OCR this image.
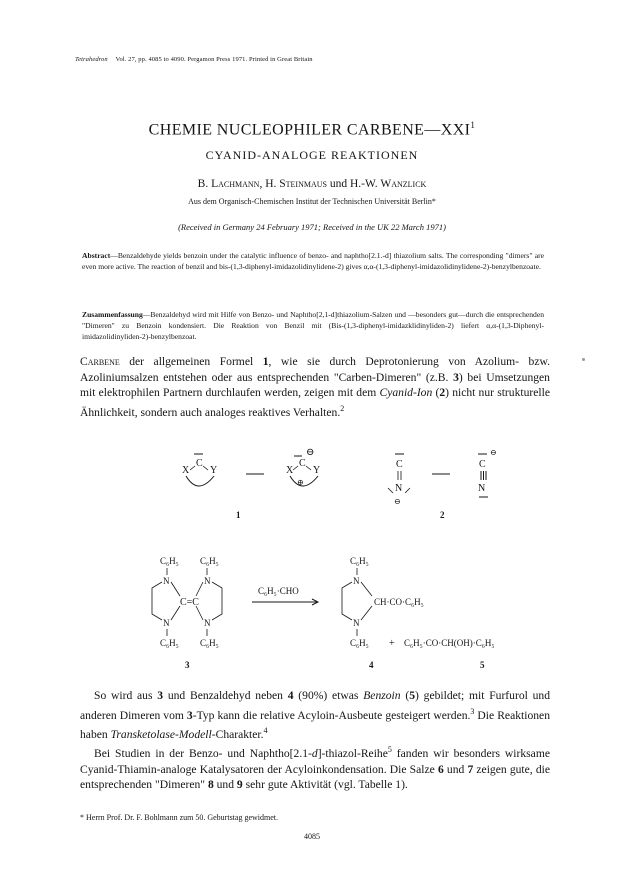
Tetrahedron Vol. 27, pp. 4085 to 4090. Pergamon Press 1971. Printed in Great Britain
CHEMIE NUCLEOPHILER CARBENE—XXI$^1$
CYANID-ANALOGE REAKTIONEN
B. Lachmann, H. Steinmaus und H.-W. Wanzlick
Aus dem Organisch-Chemischen Institut der Technischen Universität Berlin*
(Received in Germany 24 February 1971; Received in the UK 22 March 1971)
Abstract—Benzaldehyde yields benzoin under the catalytic influence of benzo- and naphtho[2.1.-d] thiazolium salts. The corresponding "dimers" are even more active. The reaction of benzil and bis-(1,3-diphenyl-imidazolidinylidene-2) gives α,α-(1,3-diphenyl-imidazolidinylidene-2)-benzylbenzoate.
Zusammenfassung—Benzaldehyd wird mit Hilfe von Benzo- und Naphtho[2,1-d]thiazolium-Salzen und —besonders gut—durch die entsprechenden "Dimeren" zu Benzoin kondensiert. Die Reaktion von Benzil mit (Bis-(1,3-diphenyl-imidazklidinyliden-2) liefert α,α-(1,3-Diphenyl-imidazolidinyliden-2)-benzylbenzoat.
Carbene der allgemeinen Formel 1, wie sie durch Deprotonierung von Azolium- bzw. Azoliniumsalzen entstehen oder aus entsprechenden "Carben-Dimeren" (z.B. 3) bei Umsetzungen mit elektrophilen Partnern durchlaufen werden, zeigen mit dem Cyanid-Ion (2) nicht nur strukturelle Ähnlichkeit, sondern auch analoges reaktives Verhalten.$^2$
X Y
C
X Y
C
⊖
⊕
C
N
⊖
⊖
C
N
1	2
C₆H₅ C₆H₅
N	N
C=C
N	N
C₆H₅ C₆H₅
C₆H₅·CHO
C₆H₅
N
CH·CO·C₆H₅
N
C₆H₅ + C₆H₅·CO·CH(OH)·C₆H₅
3	4	5
So wird aus 3 und Benzaldehyd neben 4 (90%) etwas Benzoin (5) gebildet; mit Furfurol und anderen Dimeren vom 3-Typ kann die relative Acyloin-Ausbeute gesteigert werden.$^3$ Die Reaktionen haben Transketolase-Modell-Charakter.$^4$
Bei Studien in der Benzo- und Naphtho[2.1-d]-thiazol-Reihe$^5$ fanden wir besonders wirksame Cyanid-Thiamin-analoge Katalysatoren der Acyloinkondensation. Die Salze 6 und 7 zeigen gute, die entsprechenden "Dimeren" 8 und 9 sehr gute Aktivität (vgl. Tabelle 1).
* Herrn Prof. Dr. F. Bohlmann zum 50. Geburtstag gewidmet.
4085
